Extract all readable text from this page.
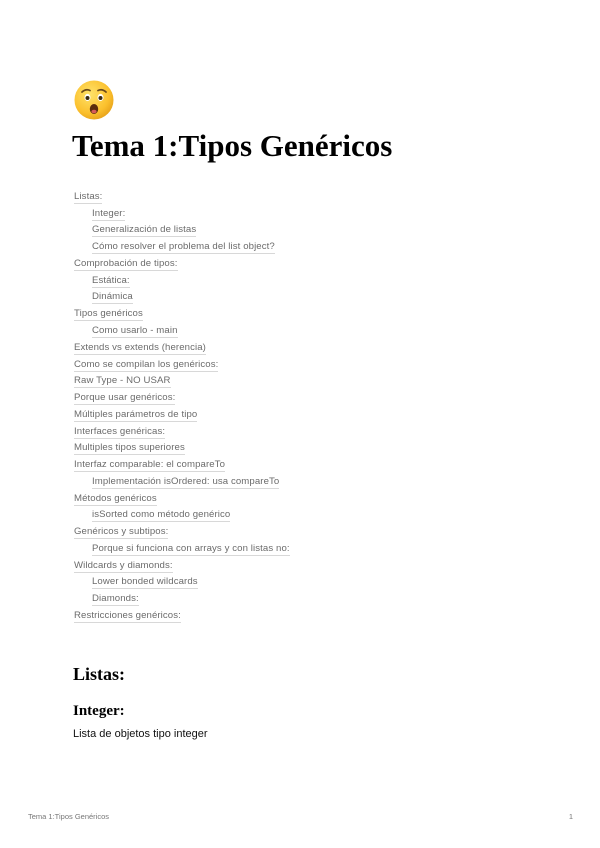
Tema 1:Tipos Genéricos
Listas:
Integer:
Generalización de listas
Cómo resolver el problema del list object?
Comprobación de tipos:
Estática:
Dinámica
Tipos genéricos
Como usarlo - main
Extends vs extends (herencia)
Como se compilan los genéricos:
Raw Type - NO USAR
Porque usar genéricos:
Múltiples parámetros de tipo
Interfaces genéricas:
Multiples tipos superiores
Interfaz comparable: el compareTo
Implementación isOrdered: usa compareTo
Métodos genéricos
isSorted como método genérico
Genéricos y subtipos:
Porque si funciona con arrays y con listas no:
Wildcards y diamonds:
Lower bonded wildcards
Diamonds:
Restricciones genéricos:
Listas:
Integer:

Lista de objetos tipo integer

Tema 1:Tipos Genéricos	1
